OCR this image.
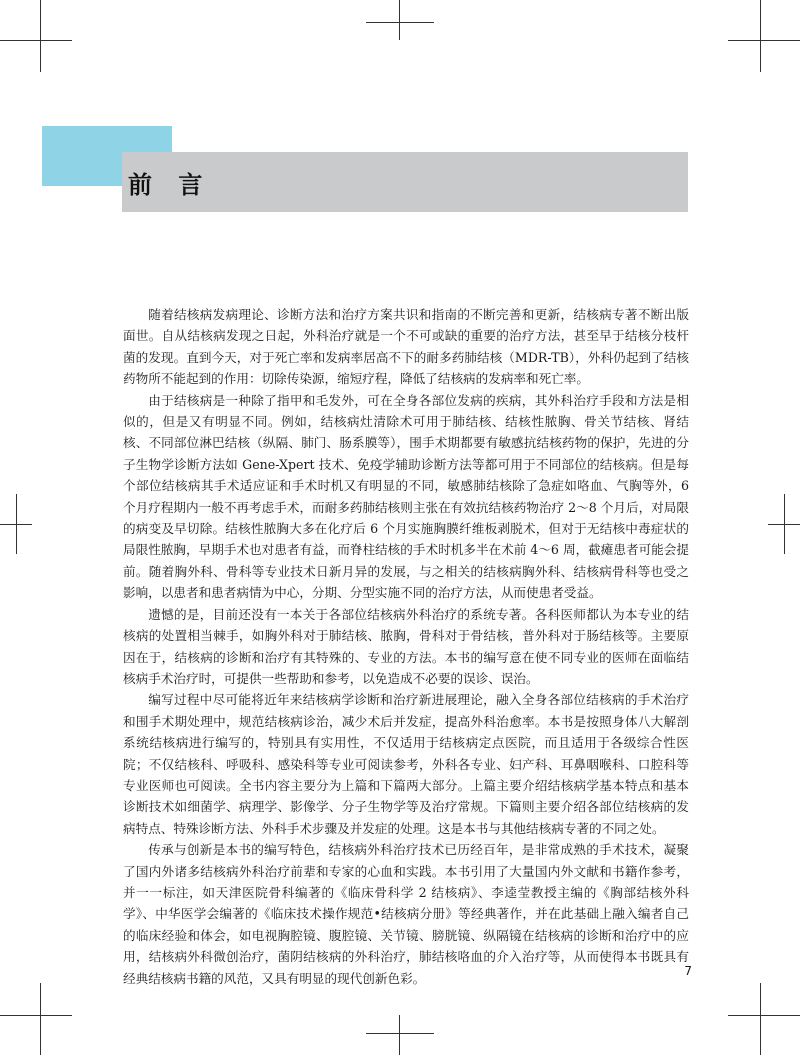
前 言

随着结核病发病理论、诊断方法和治疗方案共识和指南的不断完善和更新，结核病专著不断出版面世。自从结核病发现之日起，外科治疗就是一个不可或缺的重要的治疗方法，甚至早于结核分枝杆菌的发现。直到今天，对于死亡率和发病率居高不下的耐多药肺结核（MDR-TB），外科仍起到了结核药物所不能起到的作用：切除传染源，缩短疗程，降低了结核病的发病率和死亡率。

由于结核病是一种除了指甲和毛发外，可在全身各部位发病的疾病，其外科治疗手段和方法是相似的，但是又有明显不同。例如，结核病灶清除术可用于肺结核、结核性脓胸、骨关节结核、肾结核、不同部位淋巴结核（纵隔、肺门、肠系膜等），围手术期都要有敏感抗结核药物的保护，先进的分子生物学诊断方法如 Gene-Xpert 技术、免疫学辅助诊断方法等都可用于不同部位的结核病。但是每个部位结核病其手术适应证和手术时机又有明显的不同，敏感肺结核除了急症如咯血、气胸等外，6 个月疗程期内一般不再考虑手术，而耐多药肺结核则主张在有效抗结核药物治疗 2～8 个月后，对局限的病变及早切除。结核性脓胸大多在化疗后 6 个月实施胸膜纤维板剥脱术，但对于无结核中毒症状的局限性脓胸，早期手术也对患者有益，而脊柱结核的手术时机多半在术前 4～6 周，截瘫患者可能会提前。随着胸外科、骨科等专业技术日新月异的发展，与之相关的结核病胸外科、结核病骨科等也受之影响，以患者和患者病情为中心，分期、分型实施不同的治疗方法，从而使患者受益。

遗憾的是，目前还没有一本关于各部位结核病外科治疗的系统专著。各科医师都认为本专业的结核病的处置相当棘手，如胸外科对于肺结核、脓胸，骨科对于骨结核，普外科对于肠结核等。主要原因在于，结核病的诊断和治疗有其特殊的、专业的方法。本书的编写意在使不同专业的医师在面临结核病手术治疗时，可提供一些帮助和参考，以免造成不必要的误诊、误治。

编写过程中尽可能将近年来结核病学诊断和治疗新进展理论，融入全身各部位结核病的手术治疗和围手术期处理中，规范结核病诊治，减少术后并发症，提高外科治愈率。本书是按照身体八大解剖系统结核病进行编写的，特别具有实用性，不仅适用于结核病定点医院，而且适用于各级综合性医院；不仅结核科、呼吸科、感染科等专业可阅读参考，外科各专业、妇产科、耳鼻咽喉科、口腔科等专业医师也可阅读。全书内容主要分为上篇和下篇两大部分。上篇主要介绍结核病学基本特点和基本诊断技术如细菌学、病理学、影像学、分子生物学等及治疗常规。下篇则主要介绍各部位结核病的发病特点、特殊诊断方法、外科手术步骤及并发症的处理。这是本书与其他结核病专著的不同之处。

传承与创新是本书的编写特色，结核病外科治疗技术已历经百年，是非常成熟的手术技术，凝聚了国内外诸多结核病外科治疗前辈和专家的心血和实践。本书引用了大量国内外文献和书籍作参考，并一一标注，如天津医院骨科编著的《临床骨科学 2 结核病》、李逵莹教授主编的《胸部结核外科学》、中华医学会编著的《临床技术操作规范•结核病分册》等经典著作，并在此基础上融入编者自己的临床经验和体会，如电视胸腔镜、腹腔镜、关节镜、膀胱镜、纵隔镜在结核病的诊断和治疗中的应用，结核病外科微创治疗，菌阴结核病的外科治疗，肺结核咯血的介入治疗等，从而使得本书既具有经典结核病书籍的风范，又具有明显的现代创新色彩。	7
